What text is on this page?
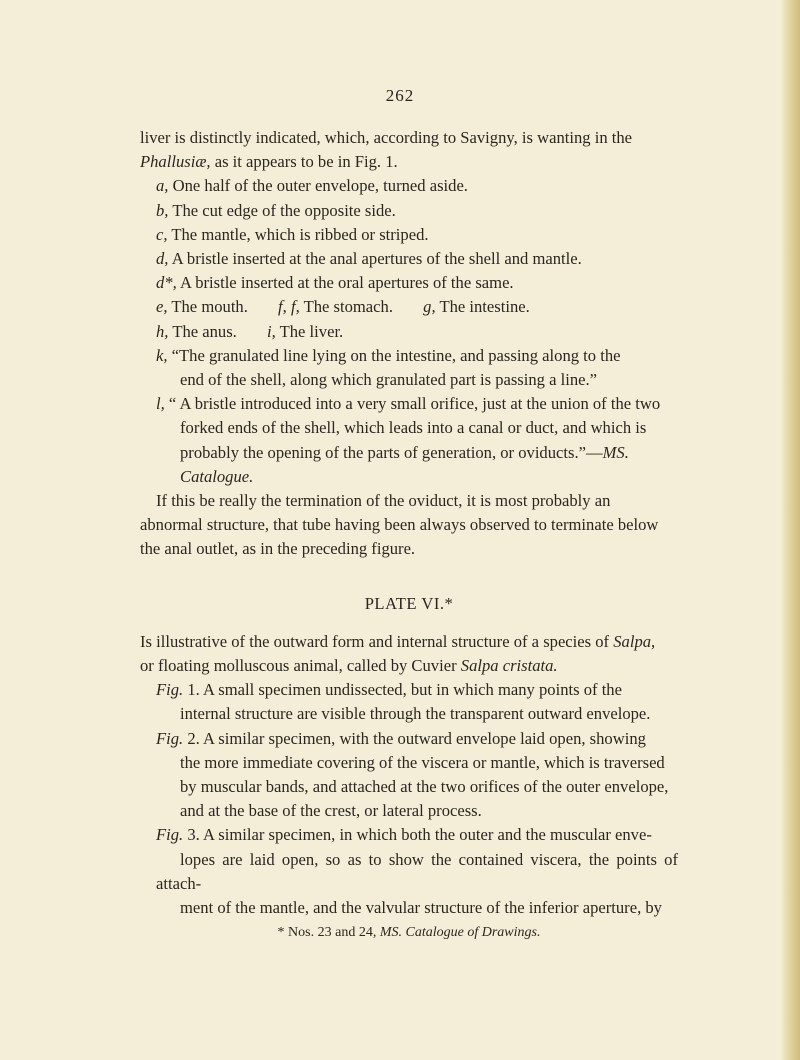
262

liver is distinctly indicated, which, according to Savigny, is wanting in the
Phallusiæ, as it appears to be in Fig. 1.

a, One half of the outer envelope, turned aside.

b, The cut edge of the opposite side.

c, The mantle, which is ribbed or striped.

d, A bristle inserted at the anal apertures of the shell and mantle.

d*, A bristle inserted at the oral apertures of the same.

e, The mouth. f, f, The stomach. g, The intestine.

h, The anus. i, The liver.

k, “The granulated line lying on the intestine, and passing along to the
end of the shell, along which granulated part is passing a line.”

l, “ A bristle introduced into a very small orifice, just at the union of the two
forked ends of the shell, which leads into a canal or duct, and which is
probably the opening of the parts of generation, or oviducts.”—MS.
Catalogue.

If this be really the termination of the oviduct, it is most probably an
abnormal structure, that tube having been always observed to terminate below
the anal outlet, as in the preceding figure.

PLATE VI.*

Is illustrative of the outward form and internal structure of a species of Salpa,
or floating molluscous animal, called by Cuvier Salpa cristata.

Fig. 1. A small specimen undissected, but in which many points of the
internal structure are visible through the transparent outward envelope.

Fig. 2. A similar specimen, with the outward envelope laid open, showing
the more immediate covering of the viscera or mantle, which is traversed
by muscular bands, and attached at the two orifices of the outer envelope,
and at the base of the crest, or lateral process.

Fig. 3. A similar specimen, in which both the outer and the muscular enve-
lopes are laid open, so as to show the contained viscera, the points of attach-
ment of the mantle, and the valvular structure of the inferior aperture, by

* Nos. 23 and 24, MS. Catalogue of Drawings.
